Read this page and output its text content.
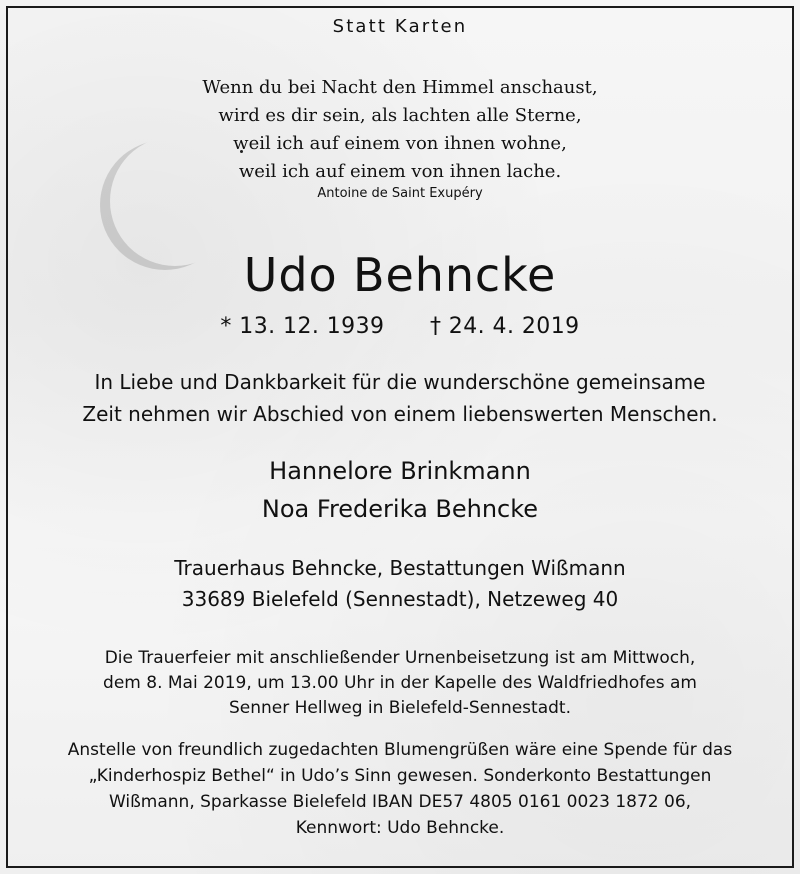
Statt Karten
Wenn du bei Nacht den Himmel anschaust,
wird es dir sein, als lachten alle Sterne,
weil ich auf einem von ihnen wohne,
weil ich auf einem von ihnen lache.
Antoine de Saint Exupéry
Udo Behncke
* 13. 12. 1939 † 24. 4. 2019
In Liebe und Dankbarkeit für die wunderschöne gemeinsame
Zeit nehmen wir Abschied von einem liebenswerten Menschen.
Hannelore Brinkmann
Noa Frederika Behncke
Trauerhaus Behncke, Bestattungen Wißmann
33689 Bielefeld (Sennestadt), Netzeweg 40
Die Trauerfeier mit anschließender Urnenbeisetzung ist am Mittwoch,
dem 8. Mai 2019, um 13.00 Uhr in der Kapelle des Waldfriedhofes am
Senner Hellweg in Bielefeld-Sennestadt.
Anstelle von freundlich zugedachten Blumengrüßen wäre eine Spende für das
„Kinderhospiz Bethel“ in Udo’s Sinn gewesen. Sonderkonto Bestattungen
Wißmann, Sparkasse Bielefeld IBAN DE57 4805 0161 0023 1872 06,
Kennwort: Udo Behncke.
